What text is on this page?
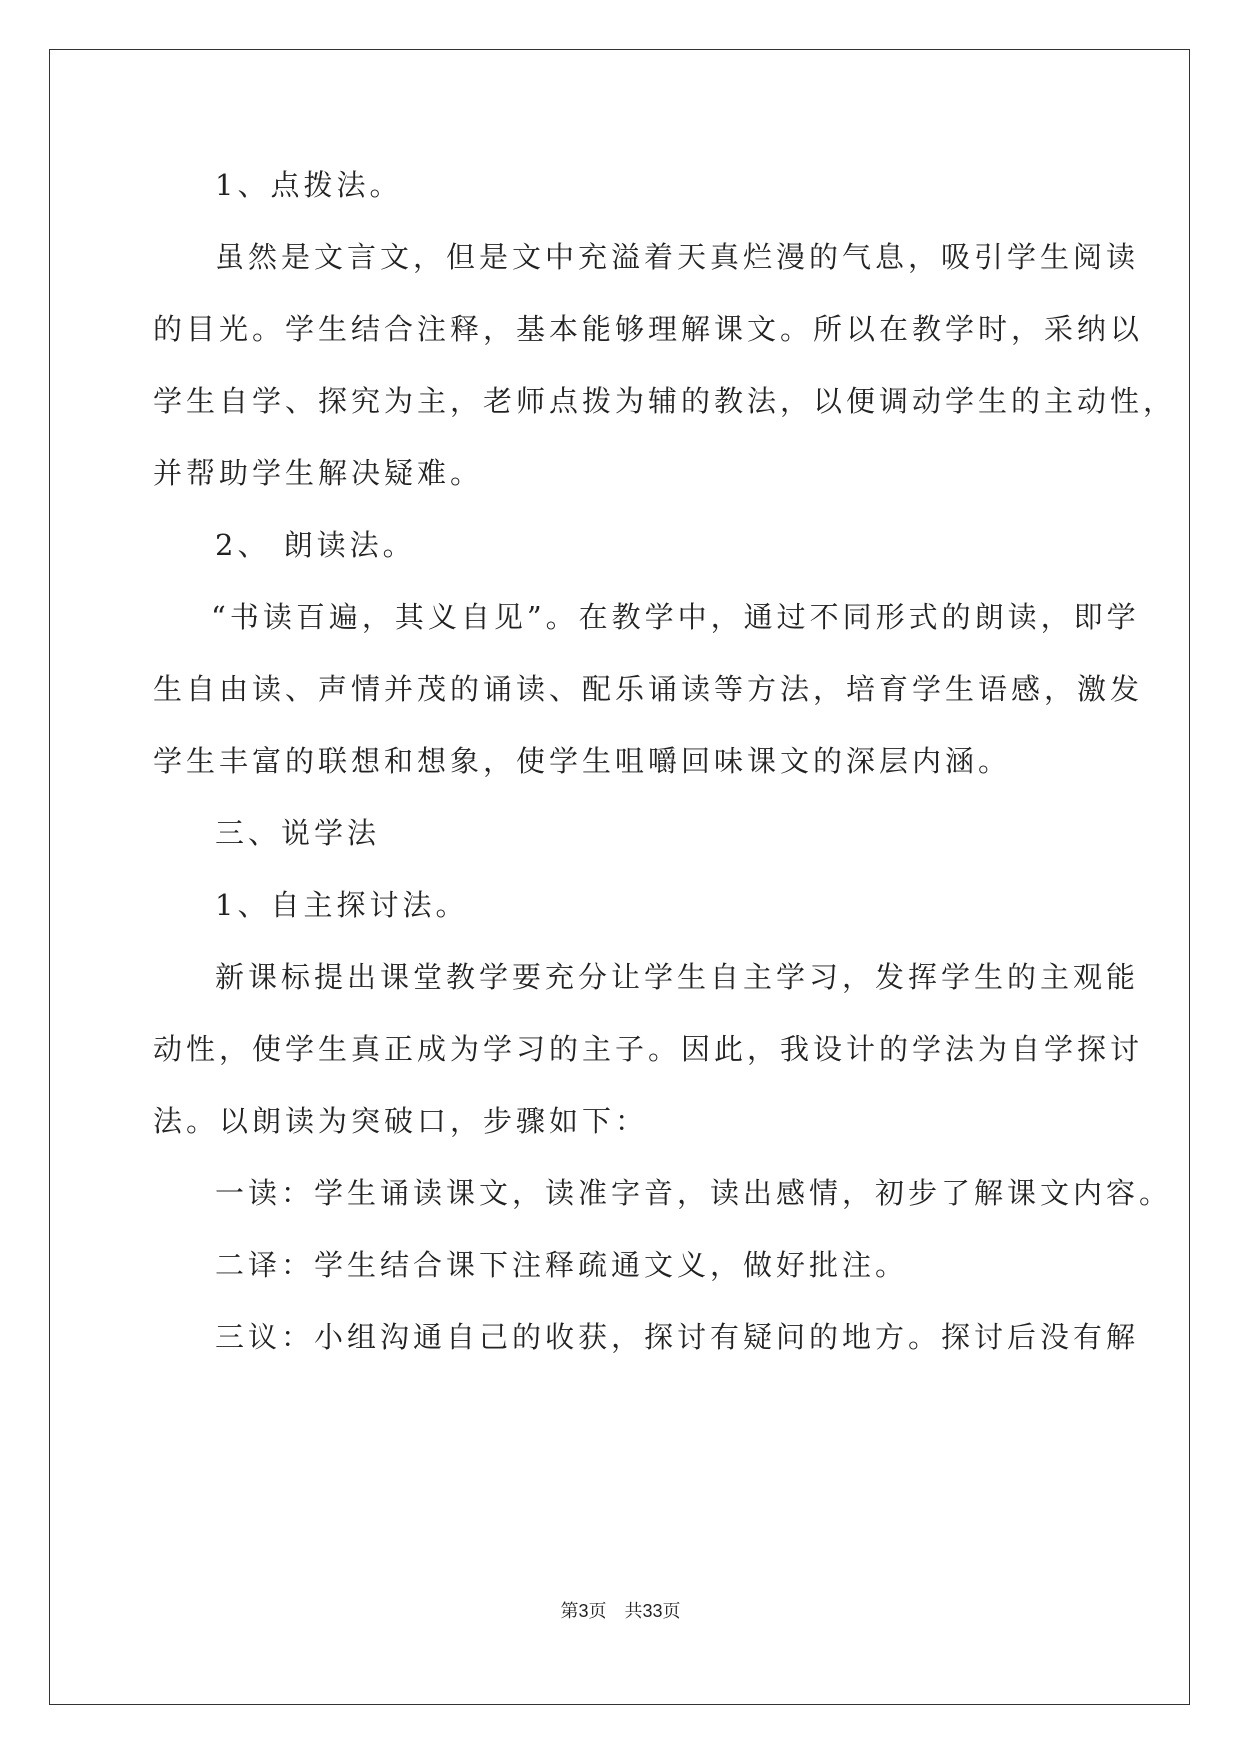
1、点拨法。
虽然是文言文，但是文中充溢着天真烂漫的气息，吸引学生阅读
的目光。学生结合注释，基本能够理解课文。所以在教学时，采纳以
学生自学、探究为主，老师点拨为辅的教法，以便调动学生的主动性，
并帮助学生解决疑难。
2、 朗读法。
“书读百遍，其义自见”。在教学中，通过不同形式的朗读，即学
生自由读、声情并茂的诵读、配乐诵读等方法，培育学生语感，激发
学生丰富的联想和想象，使学生咀嚼回味课文的深层内涵。
三、说学法
1、自主探讨法。
新课标提出课堂教学要充分让学生自主学习，发挥学生的主观能
动性，使学生真正成为学习的主子。因此，我设计的学法为自学探讨
法。以朗读为突破口，步骤如下：
一读：学生诵读课文，读准字音，读出感情，初步了解课文内容。
二译：学生结合课下注释疏通文义，做好批注。
三议：小组沟通自己的收获，探讨有疑问的地方。探讨后没有解
第3页　共33页
